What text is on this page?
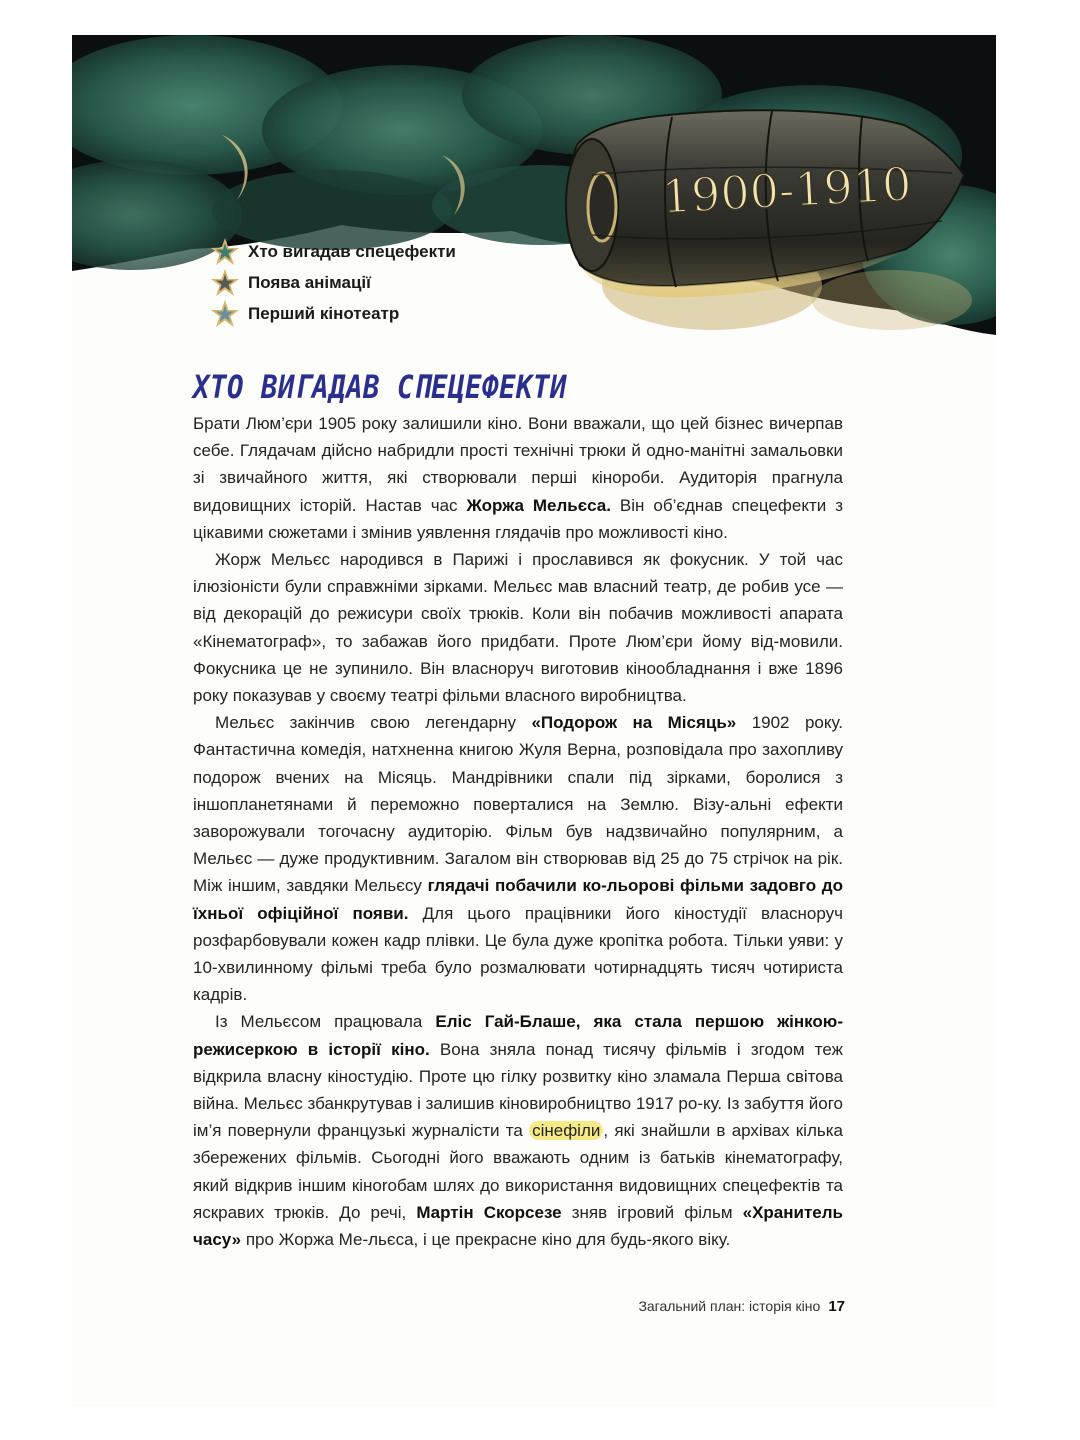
1900-1910
Хто вигадав спецефекти
Поява анімації
Перший кінотеатр
ХТО ВИГАДАВ СПЕЦЕФЕКТИ

Брати Люм’єри 1905 року залишили кіно. Вони вважали, що цей бізнес вичерпав себе. Глядачам дійсно набридли прості технічні трюки й одно-манітні замальовки зі звичайного життя, які створювали перші кінороби. Аудиторія прагнула видовищних історій. Настав час Жоржа Мельєса. Він об’єднав спецефекти з цікавими сюжетами і змінив уявлення глядачів про можливості кіно.

Жорж Мельєс народився в Парижі і прославився як фокусник. У той час ілюзіоністи були справжніми зірками. Мельєс мав власний театр, де робив усе — від декорацій до режисури своїх трюків. Коли він побачив можливості апарата «Кінематограф», то забажав його придбати. Проте Люм’єри йому від-мовили. Фокусника це не зупинило. Він власноруч виготовив кінообладнання і вже 1896 року показував у своєму театрі фільми власного виробництва.

Мельєс закінчив свою легендарну «Подорож на Місяць» 1902 року. Фантастична комедія, натхненна книгою Жуля Верна, розповідала про захопливу подорож вчених на Місяць. Мандрівники спали під зірками, боролися з іншопланетянами й переможно поверталися на Землю. Візу-альні ефекти заворожували тогочасну аудиторію. Фільм був надзвичайно популярним, а Мельєс — дуже продуктивним. Загалом він створював від 25 до 75 стрічок на рік. Між іншим, завдяки Мельєсу глядачі побачили ко-льорові фільми задовго до їхньої офіційної появи. Для цього працівники його кіностудії власноруч розфарбовували кожен кадр плівки. Це була дуже кропітка робота. Тільки уяви: у 10-хвилинному фільмі треба було розмалювати чотирнадцять тисяч чотириста кадрів.

Із Мельєсом працювала Еліс Гай-Блаше, яка стала першою жінкою-режисеркою в історії кіно. Вона зняла понад тисячу фільмів і згодом теж відкрила власну кіностудію. Проте цю гілку розвитку кіно зламала Перша світова війна. Мельєс збанкрутував і залишив кіновиробництво 1917 ро-ку. Із забуття його ім’я повернули французькі журналісти та сінефіли , які знайшли в архівах кілька збережених фільмів. Сьогодні його вважають одним із батьків кінематографу, який відкрив іншим кінorобам шлях до використання видовищних спецефектів та яскравих трюків. До речі, Мартін Скорсезе зняв ігровий фільм «Хранитель часу» про Жоржа Ме-льєса, і це прекрасне кіно для будь-якого віку.

Загальний план: історія кіно 17
